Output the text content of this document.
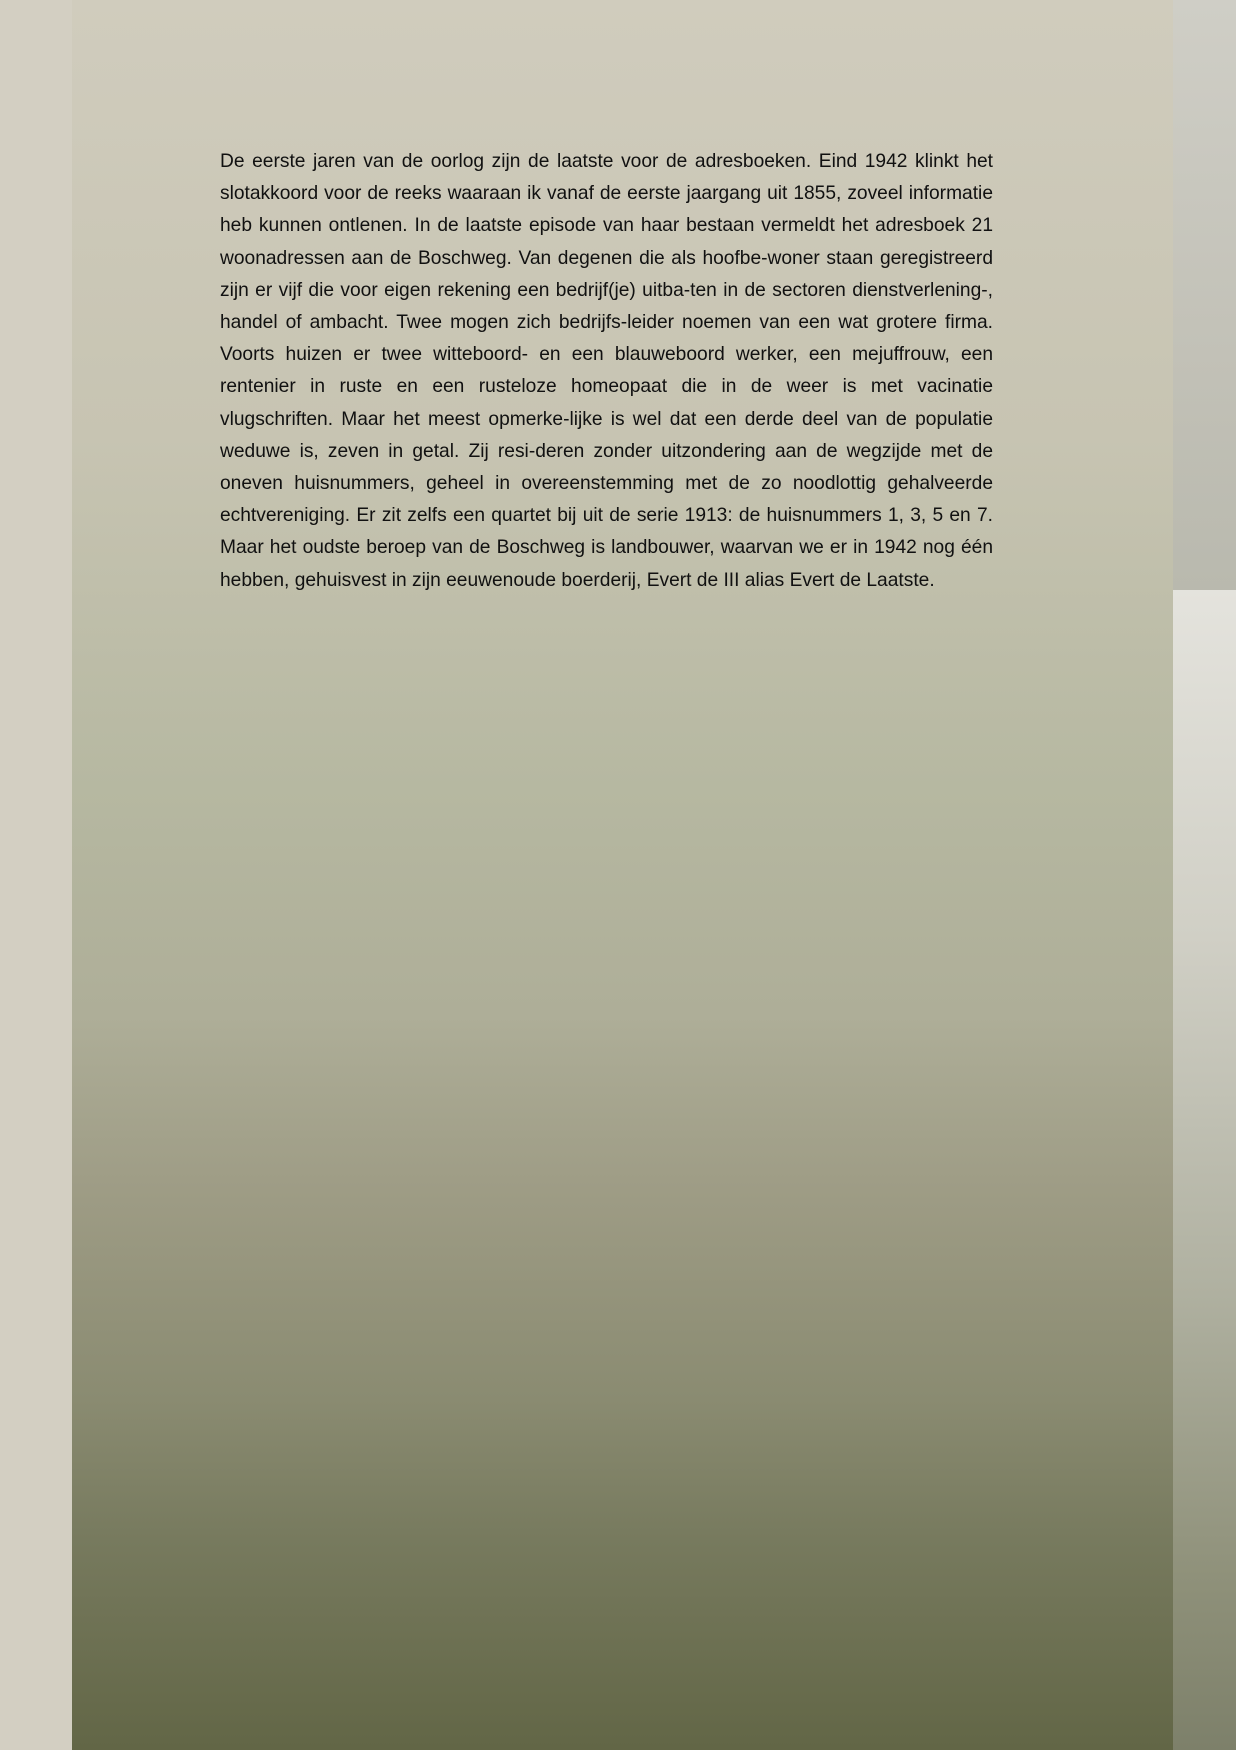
De eerste jaren van de oorlog zijn de laatste voor de adresboeken. Eind 1942 klinkt het slotakkoord voor de reeks waaraan ik vanaf de eerste jaargang uit 1855, zoveel informatie heb kunnen ontlenen. In de laatste episode van haar bestaan vermeldt het adresboek 21 woonadressen aan de Boschweg. Van degenen die als hoofbe-woner staan geregistreerd zijn er vijf die voor eigen rekening een bedrijf(je) uitba-ten in de sectoren dienstverlening-, handel of ambacht. Twee mogen zich bedrijfs-leider noemen van een wat grotere firma. Voorts huizen er twee witteboord- en een blauweboord werker, een mejuffrouw, een rentenier in ruste en een rusteloze homeopaat die in de weer is met vacinatie vlugschriften. Maar het meest opmerke-lijke is wel dat een derde deel van de populatie weduwe is, zeven in getal. Zij resi-deren zonder uitzondering aan de wegzijde met de oneven huisnummers, geheel in overeenstemming met de zo noodlottig gehalveerde echtvereniging. Er zit zelfs een quartet bij uit de serie 1913: de huisnummers 1, 3, 5 en 7. Maar het oudste beroep van de Boschweg is landbouwer, waarvan we er in 1942 nog één hebben, gehuisvest in zijn eeuwenoude boerderij, Evert de III alias Evert de Laatste.
